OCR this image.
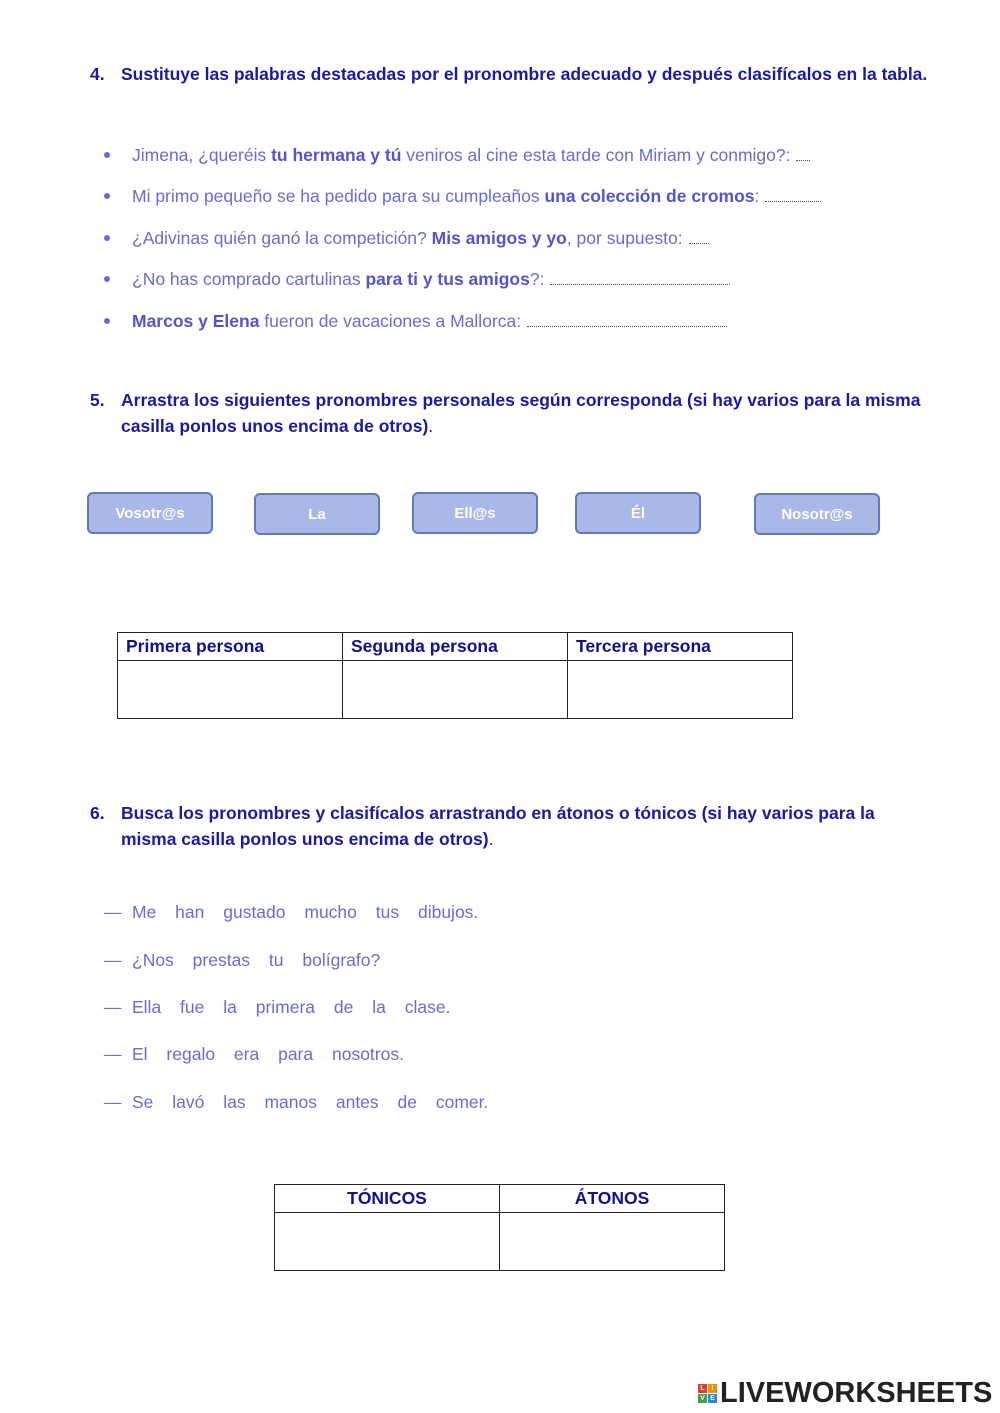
4. Sustituye las palabras destacadas por el pronombre adecuado y después clasifícalos en la tabla.
Jimena, ¿queréis tu hermana y tú veniros al cine esta tarde con Miriam y conmigo?:
Mi primo pequeño se ha pedido para su cumpleaños una colección de cromos:
¿Adivinas quién ganó la competición? Mis amigos y yo, por supuesto:
¿No has comprado cartulinas para ti y tus amigos?:
Marcos y Elena fueron de vacaciones a Mallorca:
5. Arrastra los siguientes pronombres personales según corresponda (si hay varios para la misma casilla ponlos unos encima de otros).
Vosotr@s	La	Ell@s	Él	Nosotr@s
Primera persona	Segunda persona	Tercera persona

6. Busca los pronombres y clasifícalos arrastrando en átonos o tónicos (si hay varios para la misma casilla ponlos unos encima de otros).
— Me han gustado mucho tus dibujos.
— ¿Nos prestas tu bolígrafo?
— Ella fue la primera de la clase.
— El regalo era para nosotros.
— Se lavó las manos antes de comer.
TÓNICOS	ÁTONOS

L I
V E LIVEWORKSHEETS
